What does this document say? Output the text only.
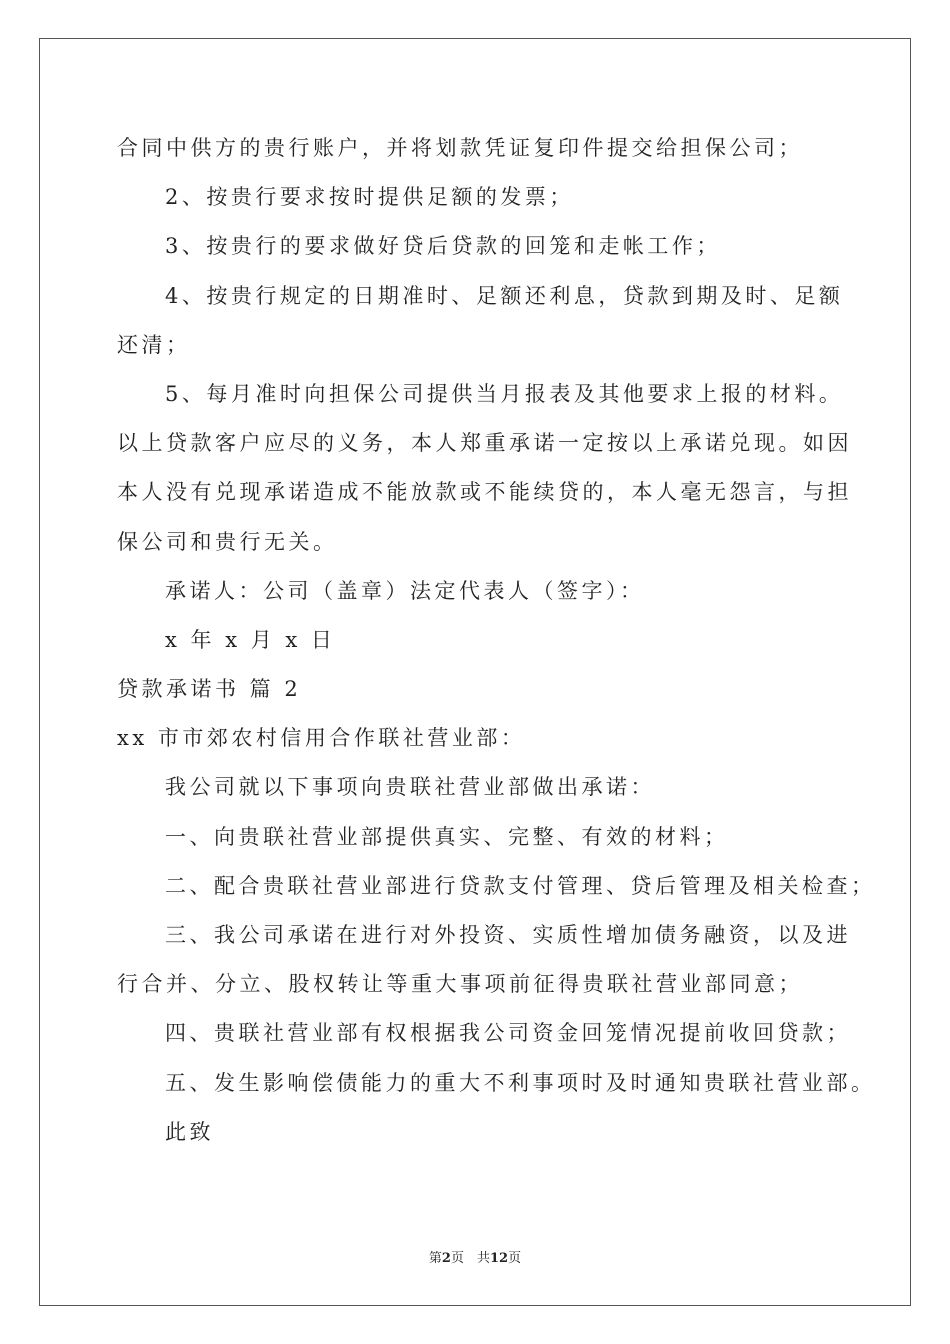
合同中供方的贵行账户，并将划款凭证复印件提交给担保公司；
2、按贵行要求按时提供足额的发票；
3、按贵行的要求做好贷后贷款的回笼和走帐工作；
4、按贵行规定的日期准时、足额还利息，贷款到期及时、足额
还清；
5、每月准时向担保公司提供当月报表及其他要求上报的材料。
以上贷款客户应尽的义务，本人郑重承诺一定按以上承诺兑现。如因
本人没有兑现承诺造成不能放款或不能续贷的，本人毫无怨言，与担
保公司和贵行无关。
承诺人：公司（盖章）法定代表人（签字）：
x 年 x 月 x 日
贷款承诺书 篇 2
xx 市市郊农村信用合作联社营业部：
我公司就以下事项向贵联社营业部做出承诺：
一、向贵联社营业部提供真实、完整、有效的材料；
二、配合贵联社营业部进行贷款支付管理、贷后管理及相关检查；
三、我公司承诺在进行对外投资、实质性增加债务融资，以及进
行合并、分立、股权转让等重大事项前征得贵联社营业部同意；
四、贵联社营业部有权根据我公司资金回笼情况提前收回贷款；
五、发生影响偿债能力的重大不利事项时及时通知贵联社营业部。
此致
第2页　共12页
